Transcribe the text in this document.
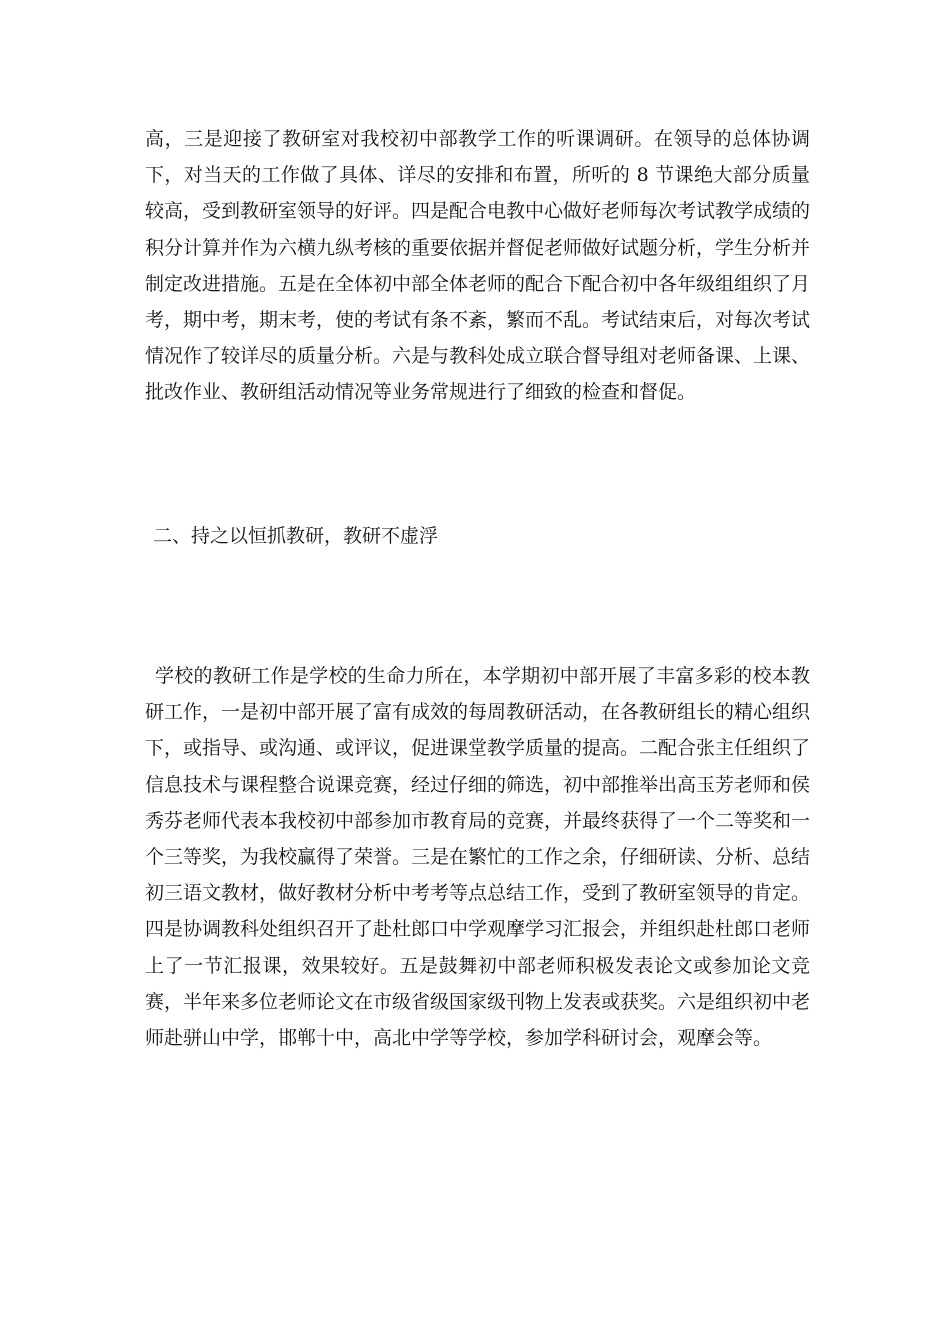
高，三是迎接了教研室对我校初中部教学工作的听课调研。在领导的总体协调下，对当天的工作做了具体、详尽的安排和布置，所听的 8 节课绝大部分质量较高，受到教研室领导的好评。四是配合电教中心做好老师每次考试教学成绩的积分计算并作为六横九纵考核的重要依据并督促老师做好试题分析，学生分析并制定改进措施。五是在全体初中部全体老师的配合下配合初中各年级组组织了月考，期中考，期末考，使的考试有条不紊，繁而不乱。考试结束后，对每次考试情况作了较详尽的质量分析。六是与教科处成立联合督导组对老师备课、上课、批改作业、教研组活动情况等业务常规进行了细致的检查和督促。

二、持之以恒抓教研，教研不虚浮

学校的教研工作是学校的生命力所在，本学期初中部开展了丰富多彩的校本教研工作，一是初中部开展了富有成效的每周教研活动，在各教研组长的精心组织下，或指导、或沟通、或评议，促进课堂教学质量的提高。二配合张主任组织了信息技术与课程整合说课竞赛，经过仔细的筛选，初中部推举出高玉芳老师和侯秀芬老师代表本我校初中部参加市教育局的竞赛，并最终获得了一个二等奖和一个三等奖，为我校赢得了荣誉。三是在繁忙的工作之余，仔细研读、分析、总结初三语文教材，做好教材分析中考考等点总结工作，受到了教研室领导的肯定。四是协调教科处组织召开了赴杜郎口中学观摩学习汇报会，并组织赴杜郎口老师上了一节汇报课，效果较好。五是鼓舞初中部老师积极发表论文或参加论文竞赛，半年来多位老师论文在市级省级国家级刊物上发表或获奖。六是组织初中老师赴骈山中学，邯郸十中，高北中学等学校，参加学科研讨会，观摩会等。
